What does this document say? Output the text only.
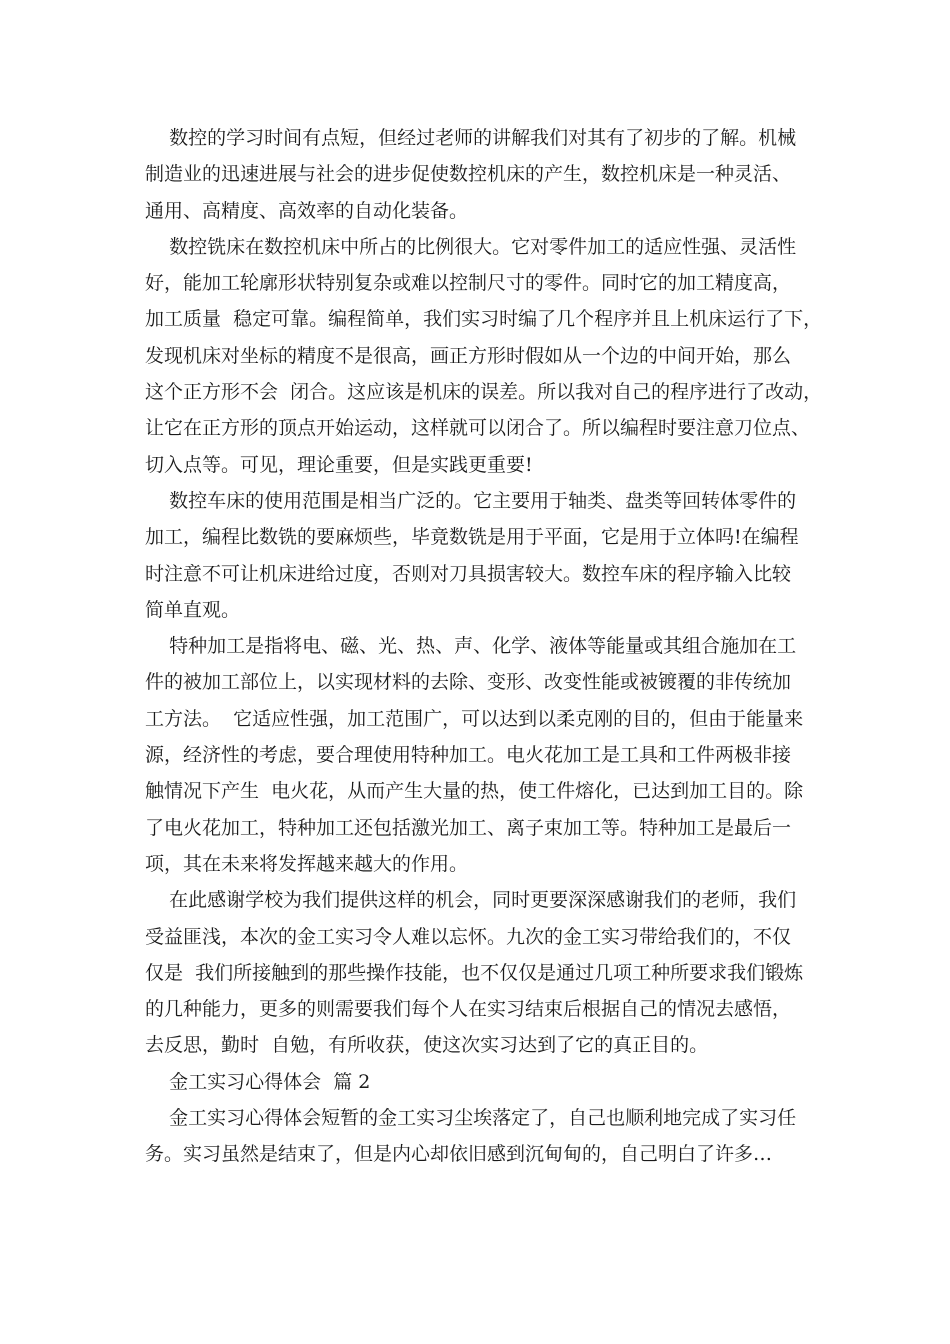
数控的学习时间有点短，但经过老师的讲解我们对其有了初步的了解。机械
制造业的迅速进展与社会的进步促使数控机床的产生，数控机床是一种灵活、
通用、高精度、高效率的自动化装备。
数控铣床在数控机床中所占的比例很大。它对零件加工的适应性强、灵活性
好，能加工轮廓形状特别复杂或难以控制尺寸的零件。同时它的加工精度高，
加工质量  稳定可靠。编程简单，我们实习时编了几个程序并且上机床运行了下，
发现机床对坐标的精度不是很高，画正方形时假如从一个边的中间开始，那么
这个正方形不会  闭合。这应该是机床的误差。所以我对自己的程序进行了改动，
让它在正方形的顶点开始运动，这样就可以闭合了。所以编程时要注意刀位点、
切入点等。可见，理论重要，但是实践更重要!
数控车床的使用范围是相当广泛的。它主要用于轴类、盘类等回转体零件的
加工，编程比数铣的要麻烦些，毕竟数铣是用于平面，它是用于立体吗!在编程
时注意不可让机床进给过度，否则对刀具损害较大。数控车床的程序输入比较
简单直观。
特种加工是指将电、磁、光、热、声、化学、液体等能量或其组合施加在工
件的被加工部位上，以实现材料的去除、变形、改变性能或被镀覆的非传统加
工方法。  它适应性强，加工范围广，可以达到以柔克刚的目的，但由于能量来
源，经济性的考虑，要合理使用特种加工。电火花加工是工具和工件两极非接
触情况下产生  电火花，从而产生大量的热，使工件熔化，已达到加工目的。除
了电火花加工，特种加工还包括激光加工、离子束加工等。特种加工是最后一
项，其在未来将发挥越来越大的作用。
在此感谢学校为我们提供这样的机会，同时更要深深感谢我们的老师，我们
受益匪浅，本次的金工实习令人难以忘怀。九次的金工实习带给我们的，不仅
仅是  我们所接触到的那些操作技能，也不仅仅是通过几项工种所要求我们锻炼
的几种能力，更多的则需要我们每个人在实习结束后根据自己的情况去感悟，
去反思，勤时  自勉，有所收获，使这次实习达到了它的真正目的。
金工实习心得体会  篇 2
金工实习心得体会短暂的金工实习尘埃落定了，自己也顺利地完成了实习任
务。实习虽然是结束了，但是内心却依旧感到沉甸甸的，自己明白了许多…
